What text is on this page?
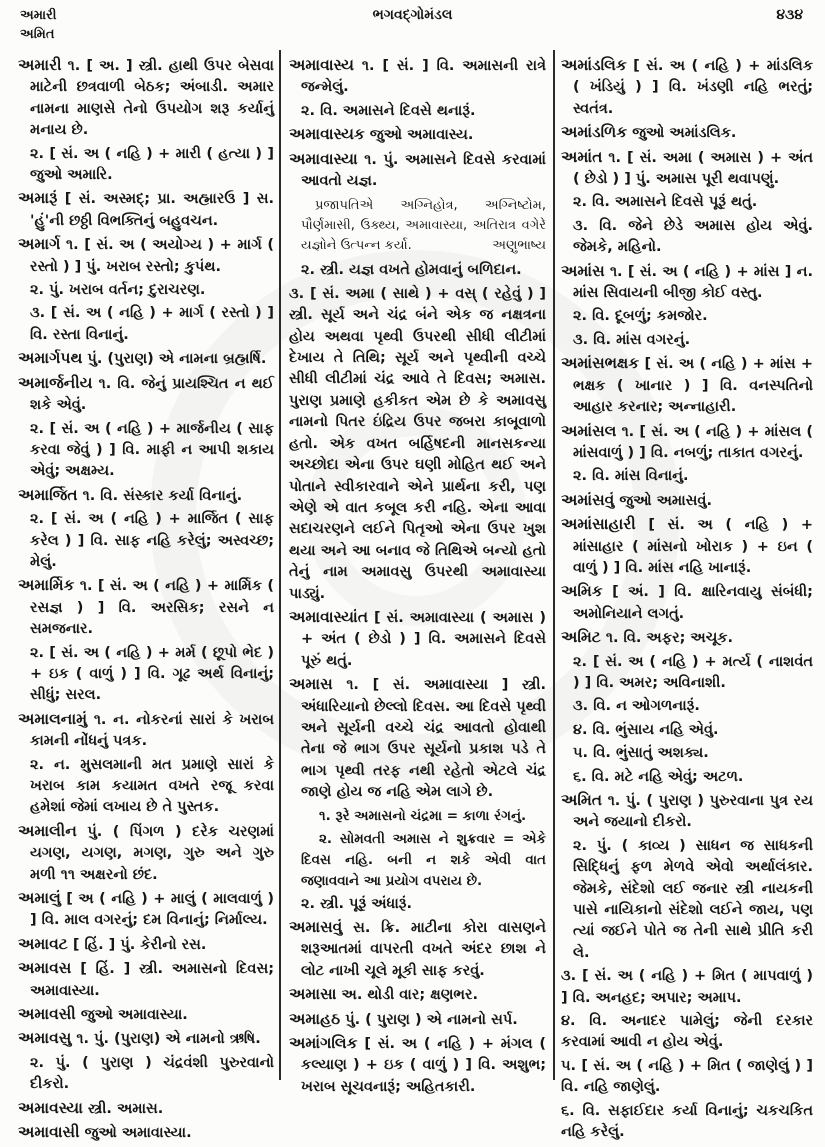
અમારી
અમિત
ભગવદ્ગોમંડલ	૪૩૪

અમારી ૧. [ અ. ] સ્ત્રી. હાથી ઉપર બેસવા માટેની છત્રવાળી બેઠક; અંબાડી. અમાર નામના માણસે તેનો ઉપયોગ શરૂ કર્યાનું મનાય છે.

૨. [ સં. અ ( નહિ ) + મારી ( હત્યા ) ] જુઓ અમારિ.

અમારૂં [ સં. અસ્મદ્; પ્રા. અહ્મારઉ ] સ. 'હું'ની છઠ્ઠી વિભક્તિનું બહુવચન.

અમાર્ગ ૧. [ સં. અ ( અયોગ્ય ) + માર્ગ ( રસ્તો ) ] પું. ખરાબ રસ્તો; કુપંથ.

૨. પું. ખરાબ વર્તન; દુરાચરણ.

૩. [ સં. અ ( નહિ ) + માર્ગ ( રસ્તો ) ] વિ. રસ્તા વિનાનું.

અમાર્ગપથ પું. (પુરાણ) એ નામના બ્રહ્મર્ષિ.

અમાર્જનીય ૧. વિ. જેનું પ્રાયશ્ચિત ન થઈ શકે એવું.

૨. [ સં. અ ( નહિ ) + માર્જનીય ( સાફ કરવા જેવું ) ] વિ. માફી ન આપી શકાય એવું; અક્ષમ્ય.

અમાર્જિત ૧. વિ. સંસ્કાર કર્યા વિનાનું.

૨. [ સં. અ ( નહિ ) + માર્જિત ( સાફ કરેલ ) ] વિ. સાફ નહિ કરેલું; અસ્વચ્છ; મેલું.

અમાર્મિક ૧. [ સં. અ ( નહિ ) + માર્મિક ( રસજ્ઞ ) ] વિ. અરસિક; રસને ન સમજનાર.

૨. [ સં. અ ( નહિ ) + મર્મ ( છૂપો ભેદ ) + ઇક ( વાળું ) ] વિ. ગૂઢ અર્થ વિનાનું; સીધું; સરલ.

અમાલનામું ૧. ન. નોકરનાં સારાં કે ખરાબ કામની નોંધનું પત્રક.

૨. ન. મુસલમાની મત પ્રમાણે સારાં કે ખરાબ કામ કયામત વખતે રજૂ કરવા હમેશાં જેમાં લખાય છે તે પુસ્તક.

અમાલીન પું. ( પિંગળ ) દરેક ચરણમાં યગણ, યગણ, મગણ, ગુરુ અને ગુરુ મળી ૧૧ અક્ષરનો છંદ.

અમાલું [ અ ( નહિ ) + માલું ( માલવાળું ) ] વિ. માલ વગરનું; દમ વિનાનું; નિર્માલ્ય.

અમાવટ [ હિં. ] પું. કેરીનો રસ.

અમાવસ [ હિં. ] સ્ત્રી. અમાસનો દિવસ; અમાવાસ્યા.

અમાવસી જુઓ અમાવાસ્યા.

અમાવસુ ૧. પું. (પુરાણ) એ નામનો ઋષિ.

૨. પું. ( પુરાણ ) ચંદ્રવંશી પુરુરવાનો દીકરો.

અમાવસ્યા સ્ત્રી. અમાસ.

અમાવાસી જુઓ અમાવાસ્યા.

અમાવાસ્ય ૧. [ સં. ] વિ. અમાસની રાત્રે જન્મેલું.

૨. વિ. અમાસને દિવસે થનારૂં.

અમાવાસ્યક જુઓ અમાવાસ્ય.

અમાવાસ્યા ૧. પું. અમાસને દિવસે કરવામાં આવતો યજ્ઞ.

પ્રજાપતિએ અગ્નિહોત્ર, અગ્નિષ્ટોમ, પૌર્ણમાસી, ઉક્થ્ય, અમાવાસ્યા, અતિરાત્ર વગેરે યજ્ઞોને ઉત્પન્ન કર્યા.	અણુભાષ્ય

૨. સ્ત્રી. યજ્ઞ વખતે હોમવાનું બળિદાન.

૩. [ સં. અમા ( સાથે ) + વસ્ ( રહેવું ) ] સ્ત્રી. સૂર્ય અને ચંદ્ર બંને એક જ નક્ષત્રના હોય અથવા પૃથ્વી ઉપરથી સીધી લીટીમાં દેખાય તે તિથિ; સૂર્ય અને પૃથ્વીની વચ્ચે સીધી લીટીમાં ચંદ્ર આવે તે દિવસ; અમાસ. પુરાણ પ્રમાણે હકીકત એમ છે કે અમાવસુ નામનો પિતર ઇંદ્રિય ઉપર જબરા કાબૂવાળો હતો. એક વખત બર્હિષદની માનસકન્યા અચ્છોદા એના ઉપર ઘણી મોહિત થઈ અને પોતાને સ્વીકારવાને એને પ્રાર્થના કરી, પણ એણે એ વાત કબૂલ કરી નહિ. એના આવા સદાચરણને લઈને પિતૃઓ એના ઉપર ખુશ થયા અને આ બનાવ જે તિથિએ બન્યો હતો તેનું નામ અમાવસુ ઉપરથી અમાવાસ્યા પાડ્યું.

અમાવાસ્યાંત [ સં. અમાવાસ્યા ( અમાસ ) + અંત ( છેડો ) ] વિ. અમાસને દિવસે પૂરું થતું.

અમાસ ૧. [ સં. અમાવાસ્યા ] સ્ત્રી. અંધારિયાનો છેલ્લો દિવસ. આ દિવસે પૃથ્વી અને સૂર્યની વચ્ચે ચંદ્ર આવતો હોવાથી તેના જે ભાગ ઉપર સૂર્યનો પ્રકાશ પડે તે ભાગ પૃથ્વી તરફ નથી રહેતો એટલે ચંદ્ર જાણે હોય જ નહિ એમ લાગે છે.

૧. રૂરે અમાસનો ચંદ્રમા = કાળા રંગનું.

૨. સોમવતી અમાસ ને શુક્રવાર = એકે દિવસ નહિ. બની ન શકે એવી વાત જણાવવાને આ પ્રયોગ વપરાય છે.

૨. સ્ત્રી. પૂરૂં અંધારૂં.

અમાસવું સ. ક્રિ. માટીના કોરા વાસણને શરૂઆતમાં વાપરતી વખતે અંદર છાશ ને લોટ નાખી ચૂલે મૂકી સાફ કરવું.

અમાસા અ. થોડી વાર; ક્ષણભર.

અમાહઠ પું. ( પુરાણ ) એ નામનો સર્પ.

અમાંગલિક [ સં. અ ( નહિ ) + મંગલ ( કલ્યાણ ) + ઇક ( વાળું ) ] વિ. અશુભ; ખરાબ સૂચવનારૂં; અહિતકારી.

અમાંડલિક [ સં. અ ( નહિ ) + માંડલિક ( ખંડિયું ) ] વિ. ખંડણી નહિ ભરતું; સ્વતંત્ર.

અમાંડળિક જુઓ અમાંડલિક.

અમાંત ૧. [ સં. અમા ( અમાસ ) + અંત ( છેડો ) ] પું. અમાસ પૂરી થવાપણું.

૨. વિ. અમાસને દિવસે પૂરૂં થતું.

૩. વિ. જેને છેડે અમાસ હોય એવું. જેમકે, મહિનો.

અમાંસ ૧. [ સં. અ ( નહિ ) + માંસ ] ન. માંસ સિવાયની બીજી કોઈ વસ્તુ.

૨. વિ. દૂબળું; કમજોર.

૩. વિ. માંસ વગરનું.

અમાંસભક્ષક [ સં. અ ( નહિ ) + માંસ + ભક્ષક ( ખાનાર ) ] વિ. વનસ્પતિનો આહાર કરનાર; અન્નાહારી.

અમાંસલ ૧. [ સં. અ ( નહિ ) + માંસલ ( માંસવાળું ) ] વિ. નબળું; તાકાત વગરનું.

૨. વિ. માંસ વિનાનું.

અમાંસવું જુઓ અમાસવું.

અમાંસાહારી [ સં. અ ( નહિ ) + માંસાહાર ( માંસનો ખોરાક ) + ઇન ( વાળું ) ] વિ. માંસ નહિ ખાનારૂં.

અમિક [ અં. ] વિ. ક્ષારિનવાયુ સંબંધી; અમોનિયાને લગતું.

અમિટ ૧. વિ. અફર; અચૂક.

૨. [ સં. અ ( નહિ ) + મર્ત્ય ( નાશવંત ) ] વિ. અમર; અવિનાશી.

૩. વિ. ન ઓગળનારૂં.

૪. વિ. ભુંસાય નહિ એવું.

૫. વિ. ભુંસાતું અશક્ય.

૬. વિ. મટે નહિ એવું; અટળ.

અમિત ૧. પું. ( પુરાણ ) પુરુરવાના પુત્ર રય અને જયાનો દીકરો.

૨. પું. ( કાવ્ય ) સાધન જ સાધકની સિદ્ધિનું ફળ મેળવે એવો અર્થાલંકાર. જેમકે, સંદેશો લઈ જનાર સ્ત્રી નાયકની પાસે નાયિકાનો સંદેશો લઈને જાય, પણ ત્યાં જઈને પોતે જ તેની સાથે પ્રીતિ કરી લે.

૩. [ સં. અ ( નહિ ) + મિત ( માપવાળું ) ] વિ. અનહદ; અપાર; અમાપ.

૪. વિ. અનાદર પામેલું; જેની દરકાર કરવામાં આવી ન હોય એવું.

૫. [ સં. અ ( નહિ ) + મિત ( જાણેલું ) ] વિ. નહિ જાણેલું.

૬. વિ. સફાઈદાર કર્યા વિનાનું; ચકચકિત નહિ કરેલું.
